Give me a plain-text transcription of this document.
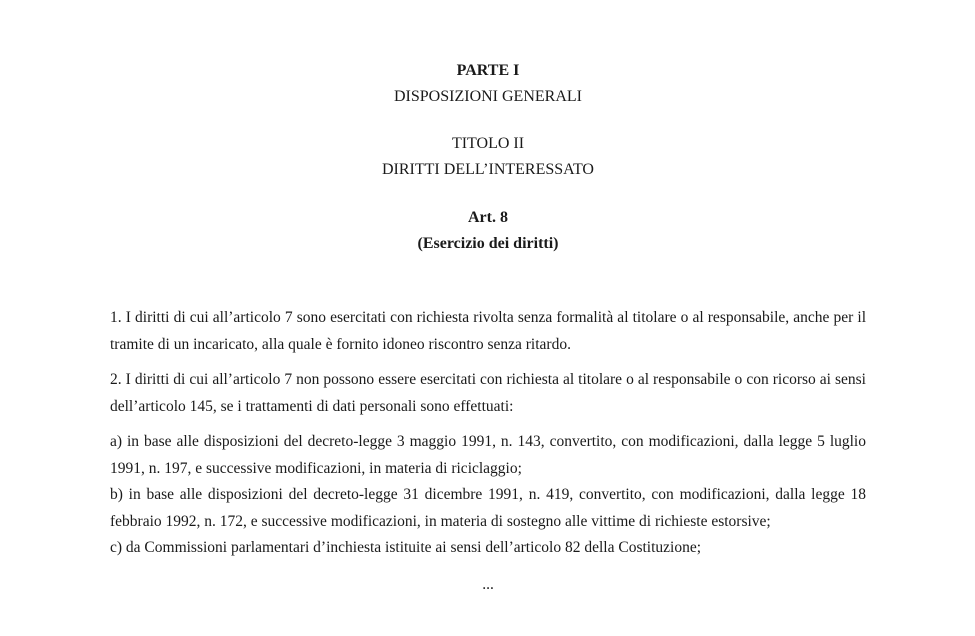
PARTE I
DISPOSIZIONI GENERALI
TITOLO II
DIRITTI DELL’INTERESSATO
Art. 8
(Esercizio dei diritti)
1. I diritti di cui all’articolo 7 sono esercitati con richiesta rivolta senza formalità al titolare o al responsabile, anche per il tramite di un incaricato, alla quale è fornito idoneo riscontro senza ritardo.
2. I diritti di cui all’articolo 7 non possono essere esercitati con richiesta al titolare o al responsabile o con ricorso ai sensi dell’articolo 145, se i trattamenti di dati personali sono effettuati:
a) in base alle disposizioni del decreto-legge 3 maggio 1991, n. 143, convertito, con modificazioni, dalla legge 5 luglio 1991, n. 197, e successive modificazioni, in materia di riciclaggio;
b) in base alle disposizioni del decreto-legge 31 dicembre 1991, n. 419, convertito, con modificazioni, dalla legge 18 febbraio 1992, n. 172, e successive modificazioni, in materia di sostegno alle vittime di richieste estorsive;
c) da Commissioni parlamentari d’inchiesta istituite ai sensi dell’articolo 82 della Costituzione;
...
